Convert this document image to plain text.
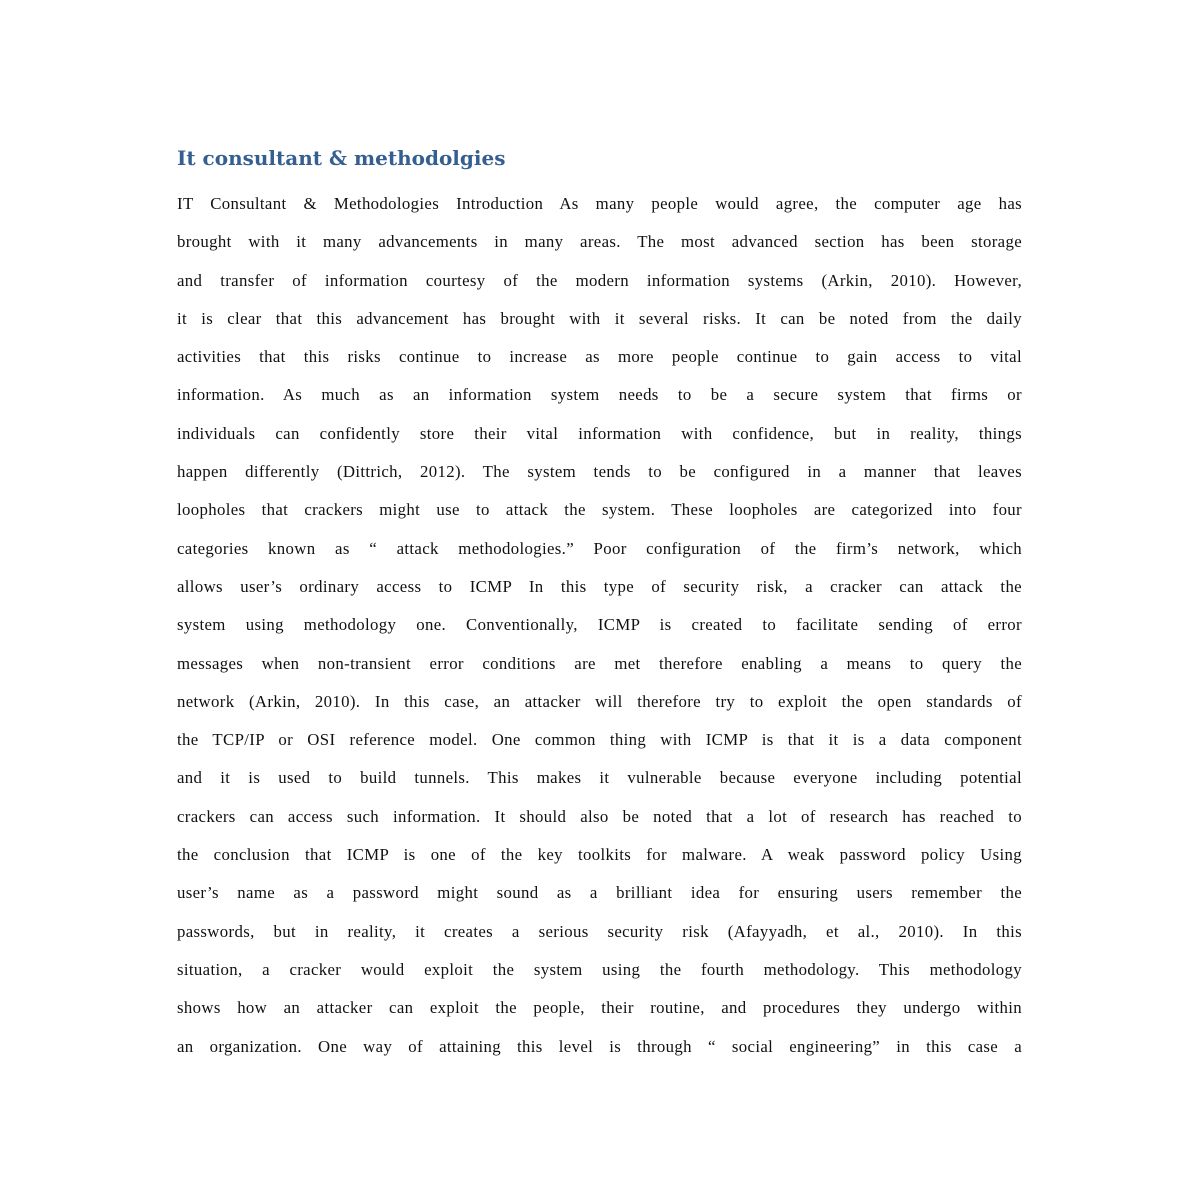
It consultant & methodolgies
IT Consultant & Methodologies Introduction As many people would agree, the computer age has
brought with it many advancements in many areas. The most advanced section has been storage
and transfer of information courtesy of the modern information systems (Arkin, 2010). However,
it is clear that this advancement has brought with it several risks. It can be noted from the daily
activities that this risks continue to increase as more people continue to gain access to vital
information. As much as an information system needs to be a secure system that firms or
individuals can confidently store their vital information with confidence, but in reality, things
happen differently (Dittrich, 2012). The system tends to be configured in a manner that leaves
loopholes that crackers might use to attack the system. These loopholes are categorized into four
categories known as “ attack methodologies.” Poor configuration of the firm’s network, which
allows user’s ordinary access to ICMP In this type of security risk, a cracker can attack the
system using methodology one. Conventionally, ICMP is created to facilitate sending of error
messages when non-transient error conditions are met therefore enabling a means to query the
network (Arkin, 2010). In this case, an attacker will therefore try to exploit the open standards of
the TCP/IP or OSI reference model. One common thing with ICMP is that it is a data component
and it is used to build tunnels. This makes it vulnerable because everyone including potential
crackers can access such information. It should also be noted that a lot of research has reached to
the conclusion that ICMP is one of the key toolkits for malware. A weak password policy Using
user’s name as a password might sound as a brilliant idea for ensuring users remember the
passwords, but in reality, it creates a serious security risk (Afayyadh, et al., 2010). In this
situation, a cracker would exploit the system using the fourth methodology. This methodology
shows how an attacker can exploit the people, their routine, and procedures they undergo within
an organization. One way of attaining this level is through “ social engineering” in this case a
